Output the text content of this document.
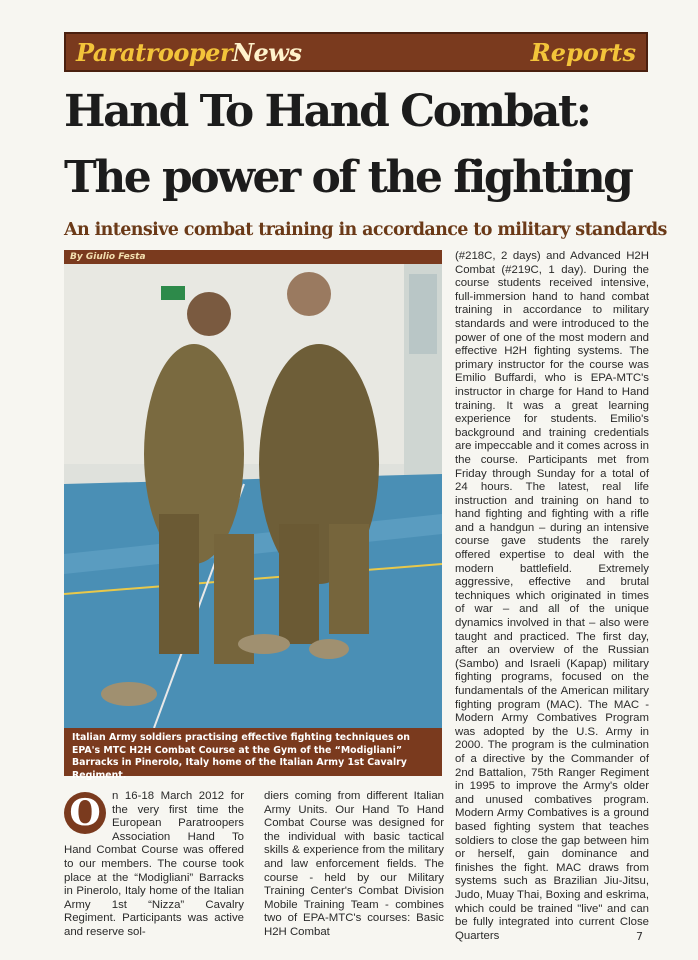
ParatrooperNews	Reports
Hand To Hand Combat:
The power of the fighting
An intensive combat training in accordance to military standards
By Giulio Festa
Italian Army soldiers practising effective fighting techniques on EPA's MTC H2H Combat Course at the Gym of the “Modigliani” Barracks in Pinerolo, Italy home of the Italian Army 1st Cavalry Regiment.
O n 16-18 March 2012 for the very first time the European Paratroopers Association Hand To Hand Combat Course was offered to our members. The course took place at the “Modigliani” Barracks in Pinerolo, Italy home of the Italian Army 1st “Nizza” Cavalry Regiment. Participants was active and reserve sol-

diers coming from different Italian Army Units. Our Hand To Hand Combat Course was designed for the individual with basic tactical skills & experience from the military and law enforcement fields. The course - held by our Military Training Center's Combat Division Mobile Training Team - combines two of EPA-MTC's courses: Basic H2H Combat

(#218C, 2 days) and Advanced H2H Combat (#219C, 1 day). During the course students received intensive, full-immersion hand to hand combat training in accordance to military standards and were introduced to the power of one of the most modern and effective H2H fighting systems. The primary instructor for the course was Emilio Buffardi, who is EPA-MTC's instructor in charge for Hand to Hand training. It was a great learning experience for students. Emilio's background and training credentials are impeccable and it comes across in the course. Participants met from Friday through Sunday for a total of 24 hours. The latest, real life instruction and training on hand to hand fighting and fighting with a rifle and a handgun – during an intensive course gave students the rarely offered expertise to deal with the modern battlefield. Extremely aggressive, effective and brutal techniques which originated in times of war – and all of the unique dynamics involved in that – also were taught and practiced. The first day, after an overview of the Russian (Sambo) and Israeli (Kapap) military fighting programs, focused on the fundamentals of the American military fighting program (MAC). The MAC - Modern Army Combatives Program was adopted by the U.S. Army in 2000. The program is the culmination of a directive by the Commander of 2nd Battalion, 75th Ranger Regiment in 1995 to improve the Army's older and unused combatives program. Modern Army Combatives is a ground based fighting system that teaches soldiers to close the gap between him or herself, gain dominance and finishes the fight. MAC draws from systems such as Brazilian Jiu-Jitsu, Judo, Muay Thai, Boxing and eskrima, which could be trained "live" and can be fully integrated into current Close Quarters	7
